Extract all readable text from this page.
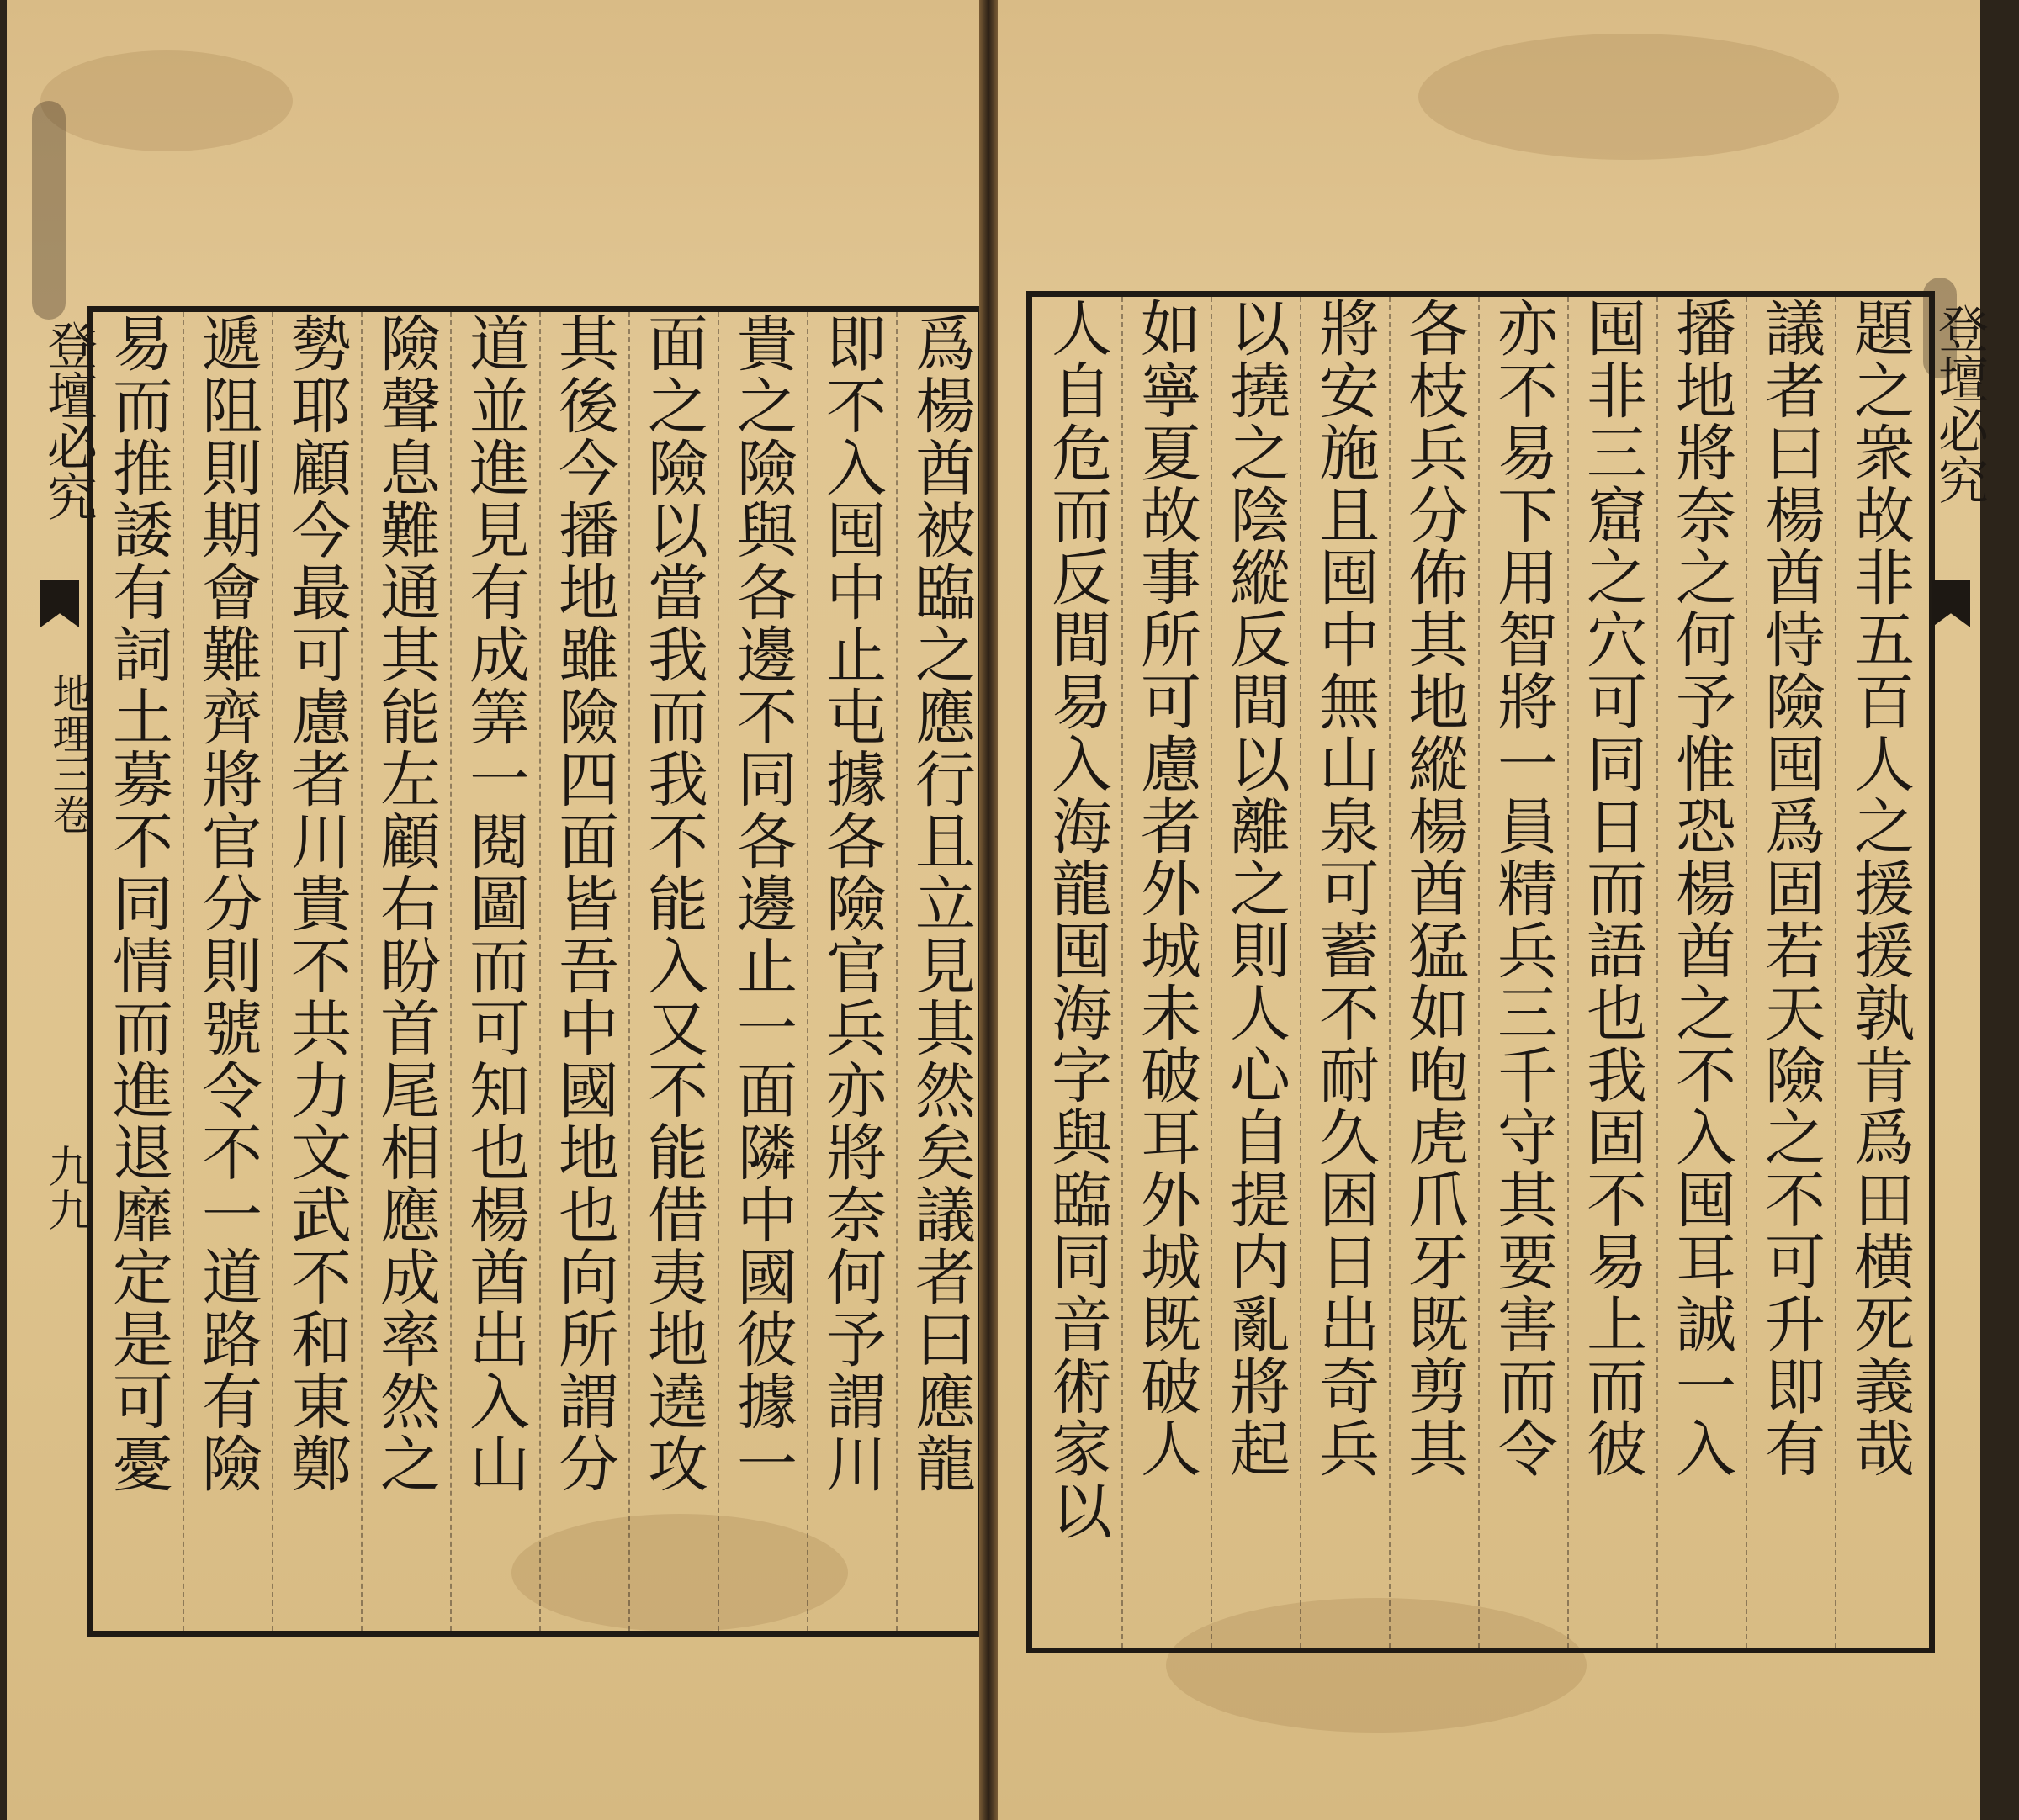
登壇必究
地理三卷
九九	爲楊酋被臨之應行且立見其然矣議者曰應龍
即不入囤中止屯據各險官兵亦將奈何予謂川
貴之險與各邊不同各邊止一面隣中國彼據一
面之險以當我而我不能入又不能借夷地遶攻
其後今播地雖險四面皆吾中國地也向所謂分
道並進見有成筭一閱圖而可知也楊酋出入山
險聲息難通其能左顧右盼首尾相應成率然之
勢耶顧今最可慮者川貴不共力文武不和東鄭
遞阻則期會難齊將官分則號令不一道路有險
易而推諉有詞土募不同情而進退靡定是可憂	題之衆故非五百人之援援孰肯爲田横死義哉
議者曰楊酋恃險囤爲固若天險之不可升即有
播地將奈之何予惟恐楊酋之不入囤耳誠一入
囤非三窟之穴可同日而語也我固不易上而彼
亦不易下用智將一員精兵三千守其要害而令
各枝兵分佈其地縱楊酋猛如咆虎爪牙既剪其
將安施且囤中無山泉可蓄不耐久困日出奇兵
以撓之陰縱反間以離之則人心自提内亂將起
如寧夏故事所可慮者外城未破耳外城既破人
人自危而反間易入海龍囤海字與臨同音術家以	登壇必究
